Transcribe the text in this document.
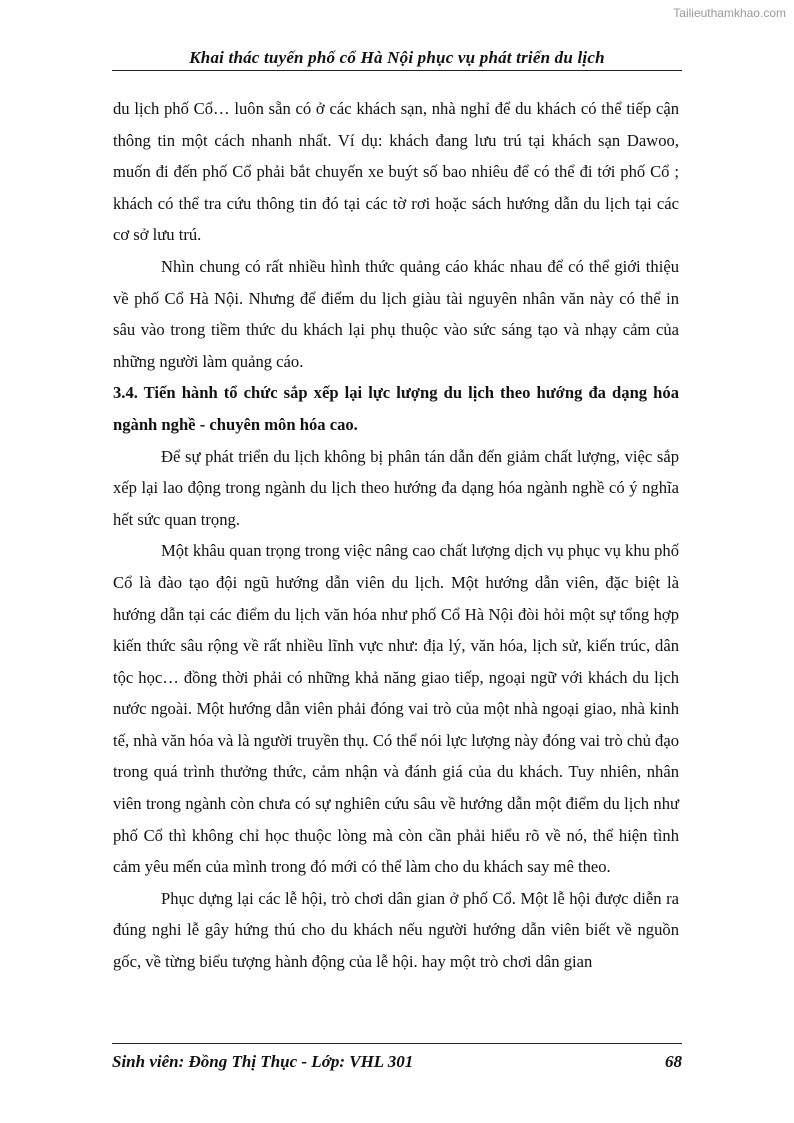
Tailieuthamkhao.com
Khai thác tuyến phố cổ Hà Nội phục vụ phát triển du lịch

du lịch phố Cổ… luôn sẵn có ở các khách sạn, nhà nghỉ để du khách có thể tiếp cận thông tin một cách nhanh nhất. Ví dụ: khách đang lưu trú tại khách sạn Dawoo, muốn đi đến phố Cổ phải bắt chuyến xe buýt số bao nhiêu để có thể đi tới phố Cổ ; khách có thể tra cứu thông tin đó tại các tờ rơi hoặc sách hướng dẫn du lịch tại các cơ sở lưu trú.

Nhìn chung có rất nhiều hình thức quảng cáo khác nhau để có thể giới thiệu về phố Cổ Hà Nội. Nhưng để điểm du lịch giàu tài nguyên nhân văn này có thể in sâu vào trong tiềm thức du khách lại phụ thuộc vào sức sáng tạo và nhạy cảm của những người làm quảng cáo.

3.4. Tiến hành tổ chức sắp xếp lại lực lượng du lịch theo hướng đa dạng hóa ngành nghề - chuyên môn hóa cao.

Để sự phát triển du lịch không bị phân tán dẫn đến giảm chất lượng, việc sắp xếp lại lao động trong ngành du lịch theo hướng đa dạng hóa ngành nghề có ý nghĩa hết sức quan trọng.

Một khâu quan trọng trong việc nâng cao chất lượng dịch vụ phục vụ khu phố Cổ là đào tạo đội ngũ hướng dẫn viên du lịch. Một hướng dẫn viên, đặc biệt là hướng dẫn tại các điểm du lịch văn hóa như phố Cổ Hà Nội đòi hỏi một sự tổng hợp kiến thức sâu rộng về rất nhiều lĩnh vực như: địa lý, văn hóa, lịch sử, kiến trúc, dân tộc học… đồng thời phải có những khả năng giao tiếp, ngoại ngữ với khách du lịch nước ngoài. Một hướng dẫn viên phải đóng vai trò của một nhà ngoại giao, nhà kinh tế, nhà văn hóa và là người truyền thụ. Có thể nói lực lượng này đóng vai trò chủ đạo trong quá trình thưởng thức, cảm nhận và đánh giá của du khách. Tuy nhiên, nhân viên trong ngành còn chưa có sự nghiên cứu sâu về hướng dẫn một điểm du lịch như phố Cổ thì không chỉ học thuộc lòng mà còn cần phải hiểu rõ về nó, thể hiện tình cảm yêu mến của mình trong đó mới có thể làm cho du khách say mê theo.

Phục dựng lại các lễ hội, trò chơi dân gian ở phố Cổ. Một lễ hội được diễn ra đúng nghi lễ gây hứng thú cho du khách nếu người hướng dẫn viên biết về nguồn gốc, về từng biểu tượng hành động của lễ hội. hay một trò chơi dân gian

Sinh viên: Đồng Thị Thục - Lớp: VHL 301	68
